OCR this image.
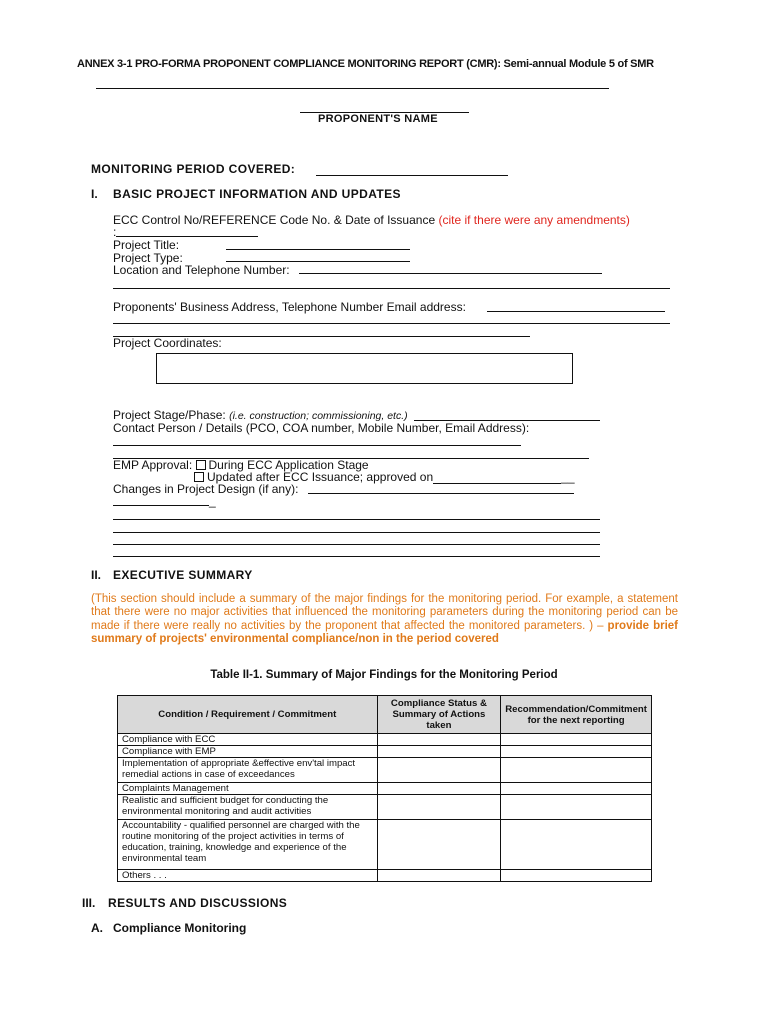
ANNEX 3-1 PRO-FORMA PROPONENT COMPLIANCE MONITORING REPORT (CMR): Semi-annual Module 5 of SMR
PROPONENT'S NAME
MONITORING PERIOD COVERED:
I. BASIC PROJECT INFORMATION AND UPDATES
ECC Control No/REFERENCE Code No. & Date of Issuance (cite if there were any amendments)
:
Project Title:
Project Type:
Location and Telephone Number:
Proponents' Business Address, Telephone Number Email address:
Project Coordinates:
Project Stage/Phase: (i.e. construction; commissioning, etc.)
Contact Person / Details (PCO, COA number, Mobile Number, Email Address):
EMP Approval: During ECC Application Stage
Updated after ECC Issuance; approved on	__
Changes in Project Design (if any):
_
II. EXECUTIVE SUMMARY
(This section should include a summary of the major findings for the monitoring period. For example, a statement that there were no major activities that influenced the monitoring parameters during the monitoring period can be made if there were really no activities by the proponent that affected the monitored parameters. ) – provide brief summary of projects' environmental compliance/non in the period covered
Table II-1. Summary of Major Findings for the Monitoring Period
Condition / Requirement / Commitment	Compliance Status & Summary of Actions taken	Recommendation/Commitment for the next reporting
Compliance with ECC		
Compliance with EMP		
Implementation of appropriate &effective env'tal impact remedial actions in case of exceedances		
Complaints Management		
Realistic and sufficient budget for conducting the environmental monitoring and audit activities		
Accountability - qualified personnel are charged with the routine monitoring of the project activities in terms of education, training, knowledge and experience of the environmental team		
Others . . .		
III. RESULTS AND DISCUSSIONS
A. Compliance Monitoring
